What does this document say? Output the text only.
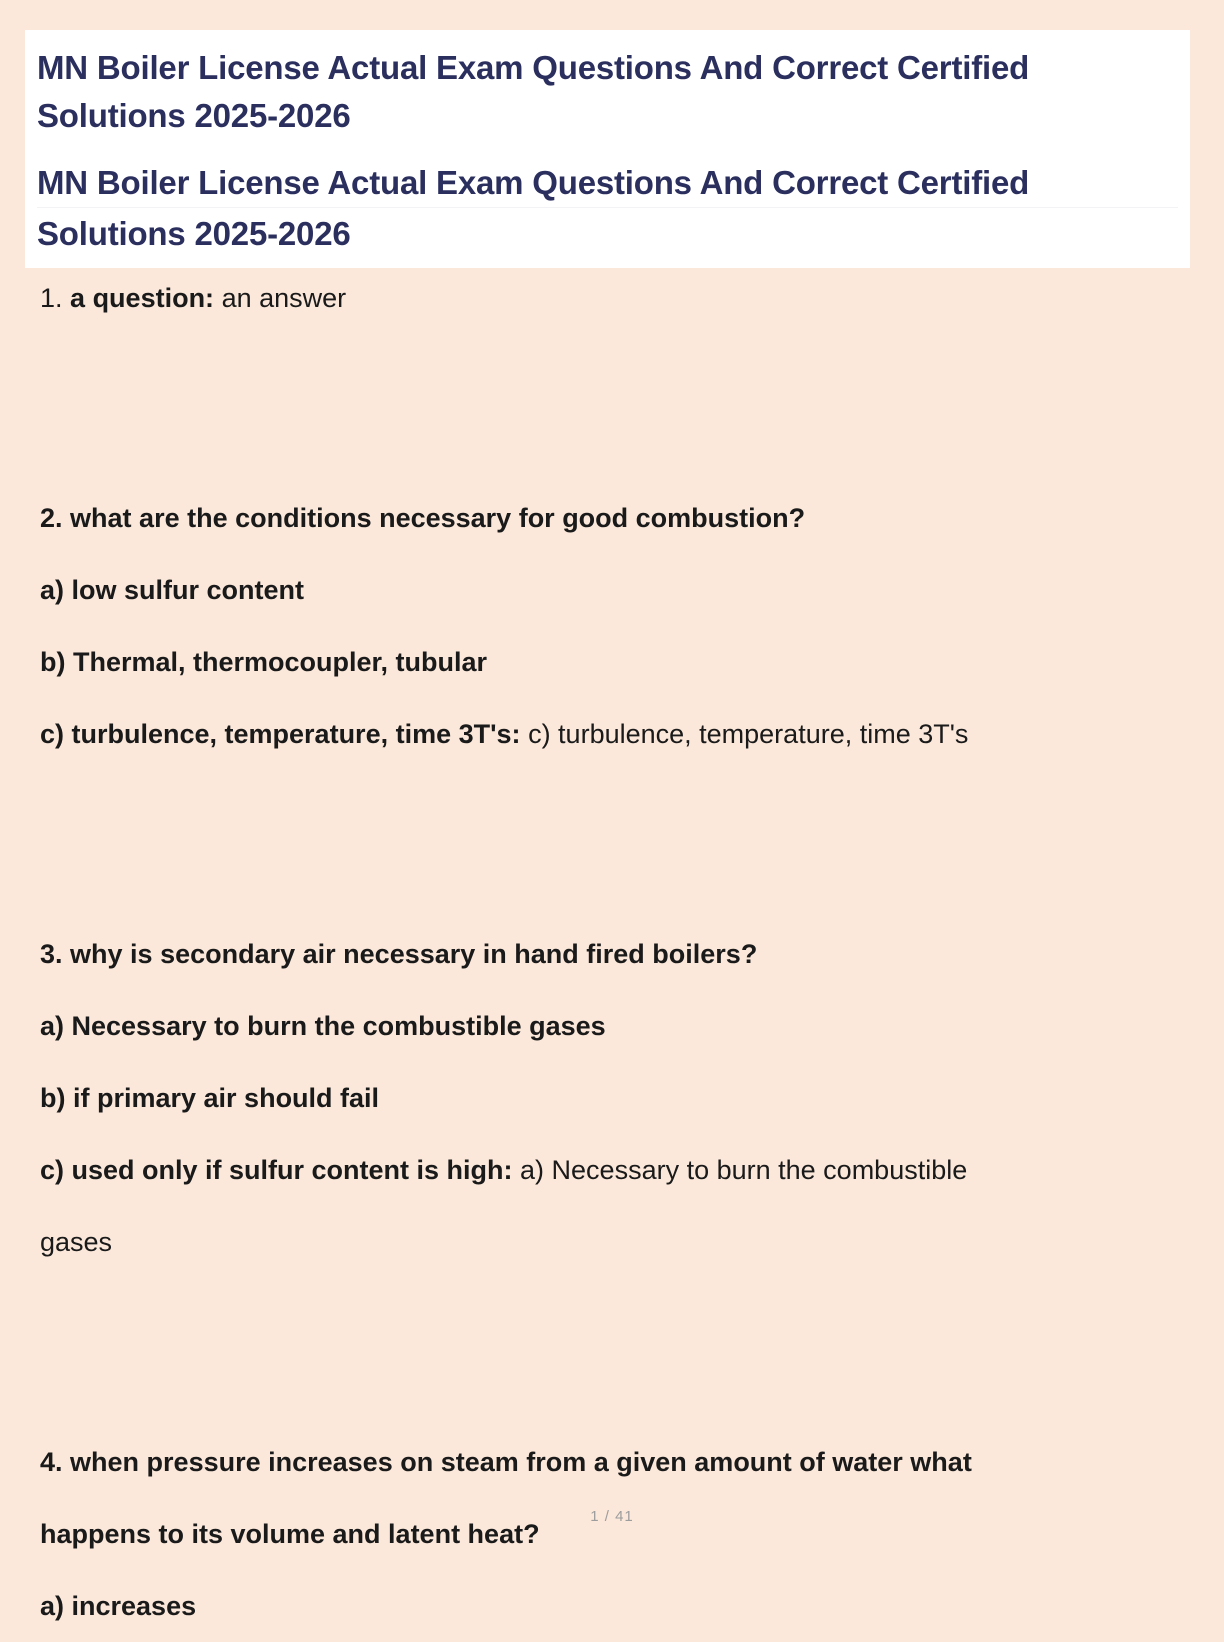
MN Boiler License Actual Exam Questions And Correct Certified
Solutions 2025-2026
MN Boiler License Actual Exam Questions And Correct Certified
Solutions 2025-2026
1. a question: an answer
2. what are the conditions necessary for good combustion?
a) low sulfur content
b) Thermal, thermocoupler, tubular
c) turbulence, temperature, time 3T's: c) turbulence, temperature, time 3T's
3. why is secondary air necessary in hand fired boilers?
a) Necessary to burn the combustible gases
b) if primary air should fail
c) used only if sulfur content is high: a) Necessary to burn the combustible
gases
4. when pressure increases on steam from a given amount of water what
happens to its volume and latent heat?
a) increases
1 / 41
